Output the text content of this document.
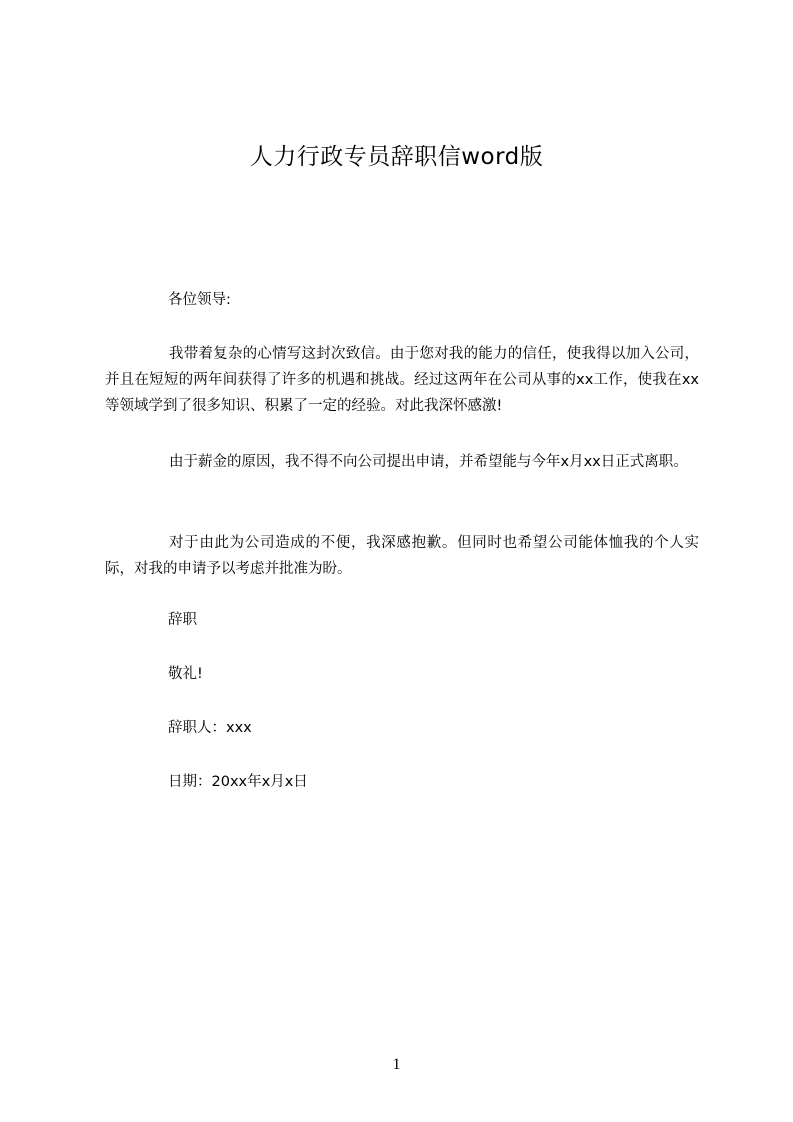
人力行政专员辞职信word版
各位领导:
我带着复杂的心情写这封次致信。由于您对我的能力的信任，使我得以加入公司，并且在短短的两年间获得了许多的机遇和挑战。经过这两年在公司从事的xx工作，使我在xx等领域学到了很多知识、积累了一定的经验。对此我深怀感激!
由于薪金的原因，我不得不向公司提出申请，并希望能与今年x月xx日正式离职。
对于由此为公司造成的不便，我深感抱歉。但同时也希望公司能体恤我的个人实际，对我的申请予以考虑并批准为盼。
辞职
敬礼!
辞职人：xxx
日期：20xx年x月x日
1
